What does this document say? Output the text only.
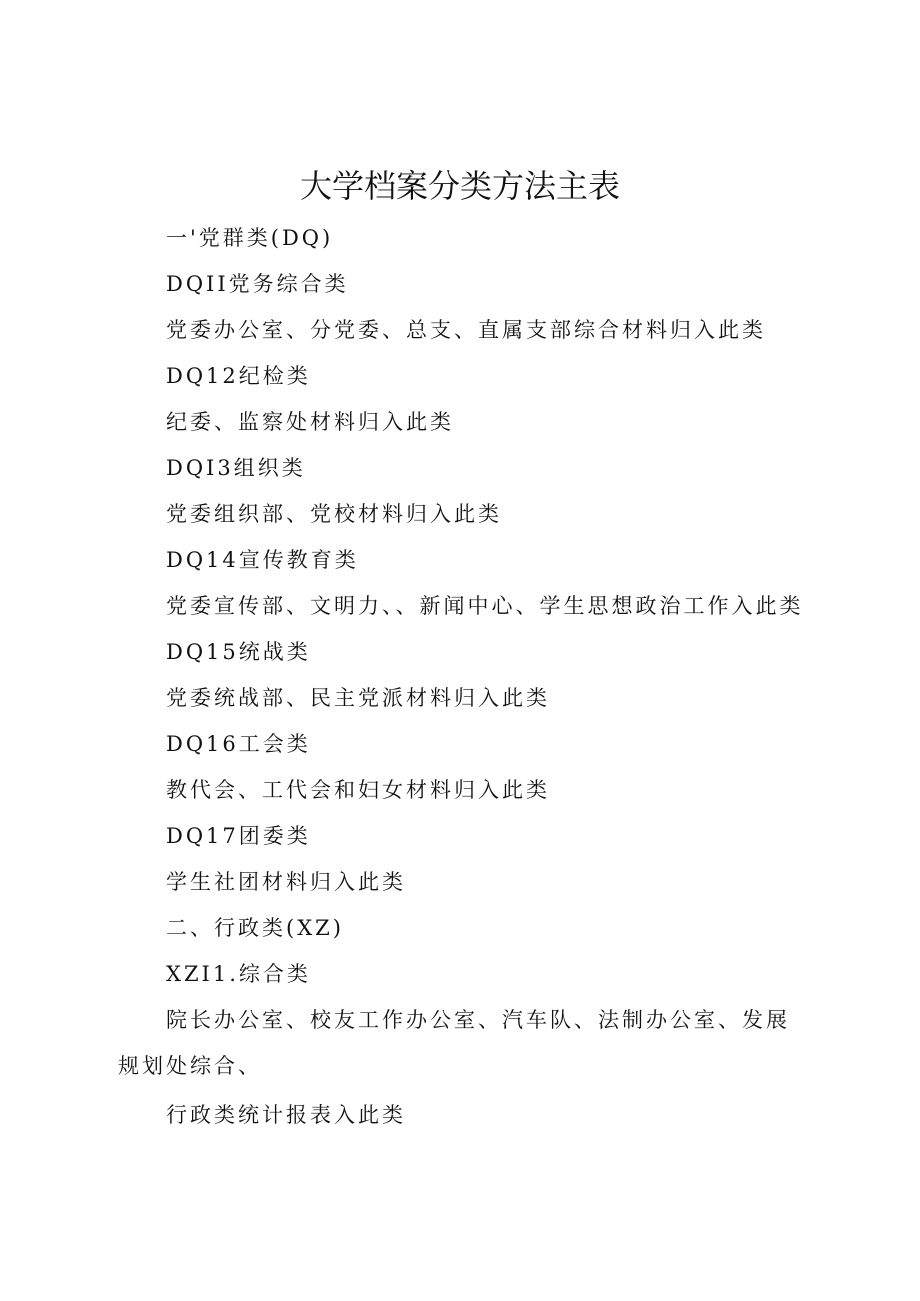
大学档案分类方法主表
一'党群类(DQ)
DQII党务综合类
党委办公室、分党委、总支、直属支部综合材料归入此类
DQ12纪检类
纪委、监察处材料归入此类
DQI3组织类
党委组织部、党校材料归入此类
DQ14宣传教育类
党委宣传部、文明力、、新闻中心、学生思想政治工作入此类
DQ15统战类
党委统战部、民主党派材料归入此类
DQ16工会类
教代会、工代会和妇女材料归入此类
DQ17团委类
学生社团材料归入此类
二、行政类(XZ)
XZI1.综合类
院长办公室、校友工作办公室、汽车队、法制办公室、发展规划处综合、
行政类统计报表入此类
